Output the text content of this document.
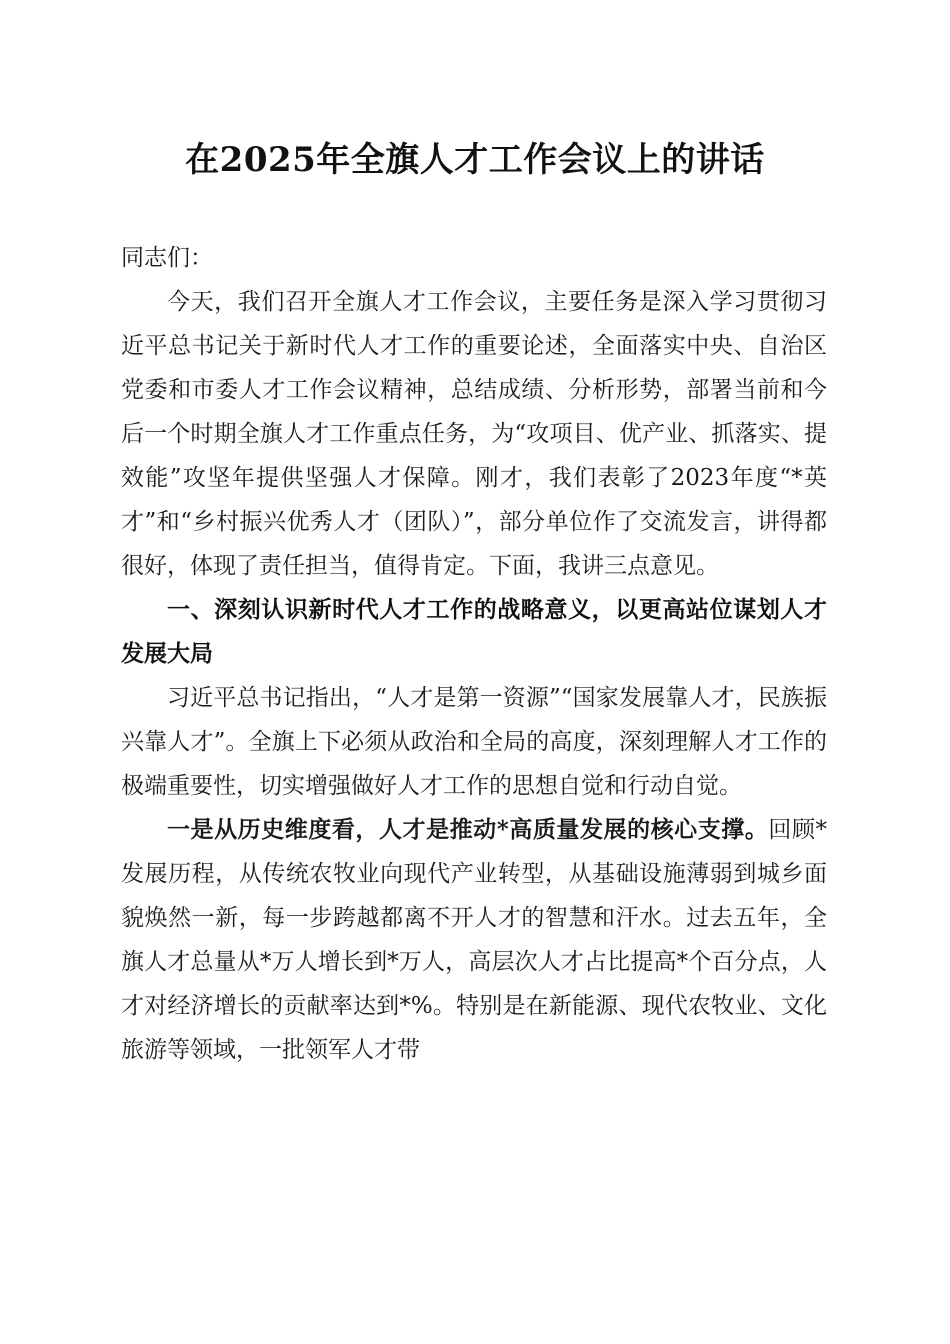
在2025年全旗人才工作会议上的讲话

同志们：

今天，我们召开全旗人才工作会议，主要任务是深入学习贯彻习近平总书记关于新时代人才工作的重要论述，全面落实中央、自治区党委和市委人才工作会议精神，总结成绩、分析形势，部署当前和今后一个时期全旗人才工作重点任务，为“攻项目、优产业、抓落实、提效能”攻坚年提供坚强人才保障。刚才，我们表彰了2023年度“*英才”和“乡村振兴优秀人才（团队）”，部分单位作了交流发言，讲得都很好，体现了责任担当，值得肯定。下面，我讲三点意见。

一、深刻认识新时代人才工作的战略意义，以更高站位谋划人才发展大局

习近平总书记指出，“人才是第一资源”“国家发展靠人才，民族振兴靠人才”。全旗上下必须从政治和全局的高度，深刻理解人才工作的极端重要性，切实增强做好人才工作的思想自觉和行动自觉。

一是从历史维度看，人才是推动*高质量发展的核心支撑。回顾*发展历程，从传统农牧业向现代产业转型，从基础设施薄弱到城乡面貌焕然一新，每一步跨越都离不开人才的智慧和汗水。过去五年，全旗人才总量从*万人增长到*万人，高层次人才占比提高*个百分点，人才对经济增长的贡献率达到*%。特别是在新能源、现代农牧业、文化旅游等领域，一批领军人才带
